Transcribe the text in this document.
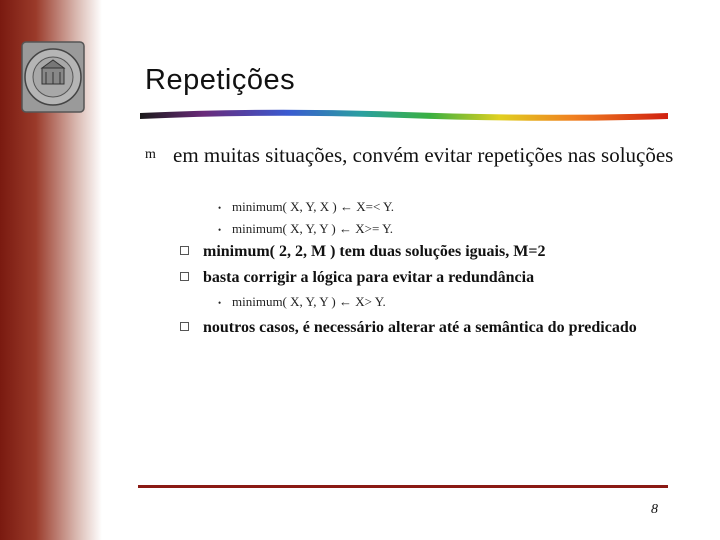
Repetições
m em muitas situações, convém evitar repetições nas soluções
• minimum( X, Y, X ) ← X=< Y.
• minimum( X, Y, Y ) ← X>= Y.
minimum( 2, 2, M ) tem duas soluções iguais, M=2
basta corrigir a lógica para evitar a redundância
• minimum( X, Y, Y ) ← X> Y.
noutros casos, é necessário alterar até a semântica do predicado
8
